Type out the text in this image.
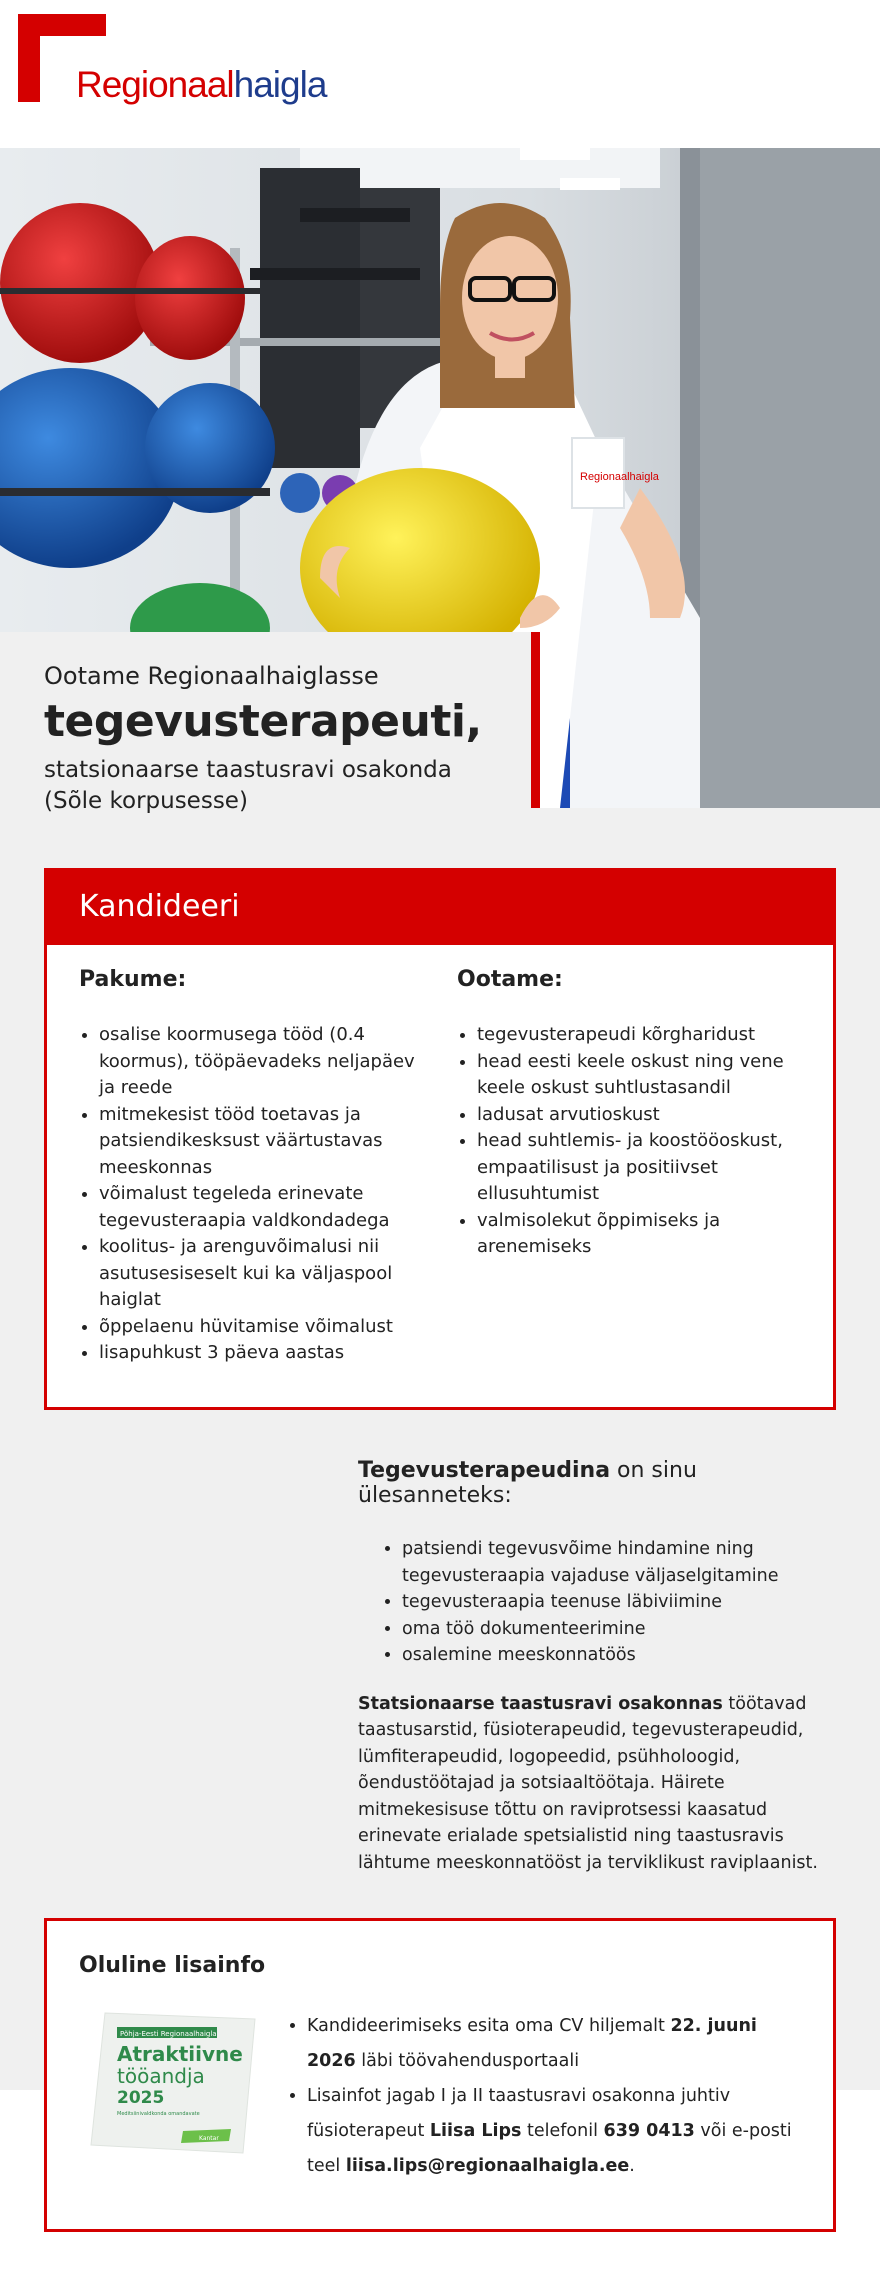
Regionaalhaigla
Regionaalhaigla
Ootame Regionaalhaiglasse
tegevusterapeuti,
statsionaarse taastusravi osakonda
(Sõle korpusesse)
Kandideeri
Pakume:
• osalise koormusega tööd (0.4 koormus), tööpäevadeks neljapäev ja reede
• mitmekesist tööd toetavas ja patsiendikesksust väärtustavas meeskonnas
• võimalust tegeleda erinevate tegevusteraapia valdkondadega
• koolitus- ja arenguvõimalusi nii asutusesiseselt kui ka väljaspool haiglat
• õppelaenu hüvitamise võimalust
• lisapuhkust 3 päeva aastas
Ootame:
• tegevusterapeudi kõrgharidust
• head eesti keele oskust ning vene keele oskust suhtlustasandil
• ladusat arvutioskust
• head suhtlemis- ja koostööoskust, empaatilisust ja positiivset ellusuhtumist
• valmisolekut õppimiseks ja arenemiseks
Tegevusterapeudina on sinu ülesanneteks:
• patsiendi tegevusvõime hindamine ning tegevusteraapia vajaduse väljaselgitamine
• tegevusteraapia teenuse läbiviimine
• oma töö dokumenteerimine
• osalemine meeskonnatöös

Statsionaarse taastusravi osakonnas töötavad taastusarstid, füsioterapeudid, tegevusterapeudid, lümfiterapeudid, logopeedid, psühholoogid, õendustöötajad ja sotsiaaltöötaja. Häirete mitmekesisuse tõttu on raviprotsessi kaasatud erinevate erialade spetsialistid ning taastusravis lähtume meeskonnatööst ja terviklikust raviplaanist.

Oluline lisainfo
Põhja-Eesti Regionaalhaigla
Atraktiivne
tööandja
2025
Meditsiinivaldkonda omandavate
Kantar
• Kandideerimiseks esita oma CV hiljemalt 22. juuni 2026 läbi töövahendusportaali
• Lisainfot jagab I ja II taastusravi osakonna juhtiv füsioterapeut Liisa Lips telefonil 639 0413 või e-posti teel liisa.lips@regionaalhaigla.ee.
